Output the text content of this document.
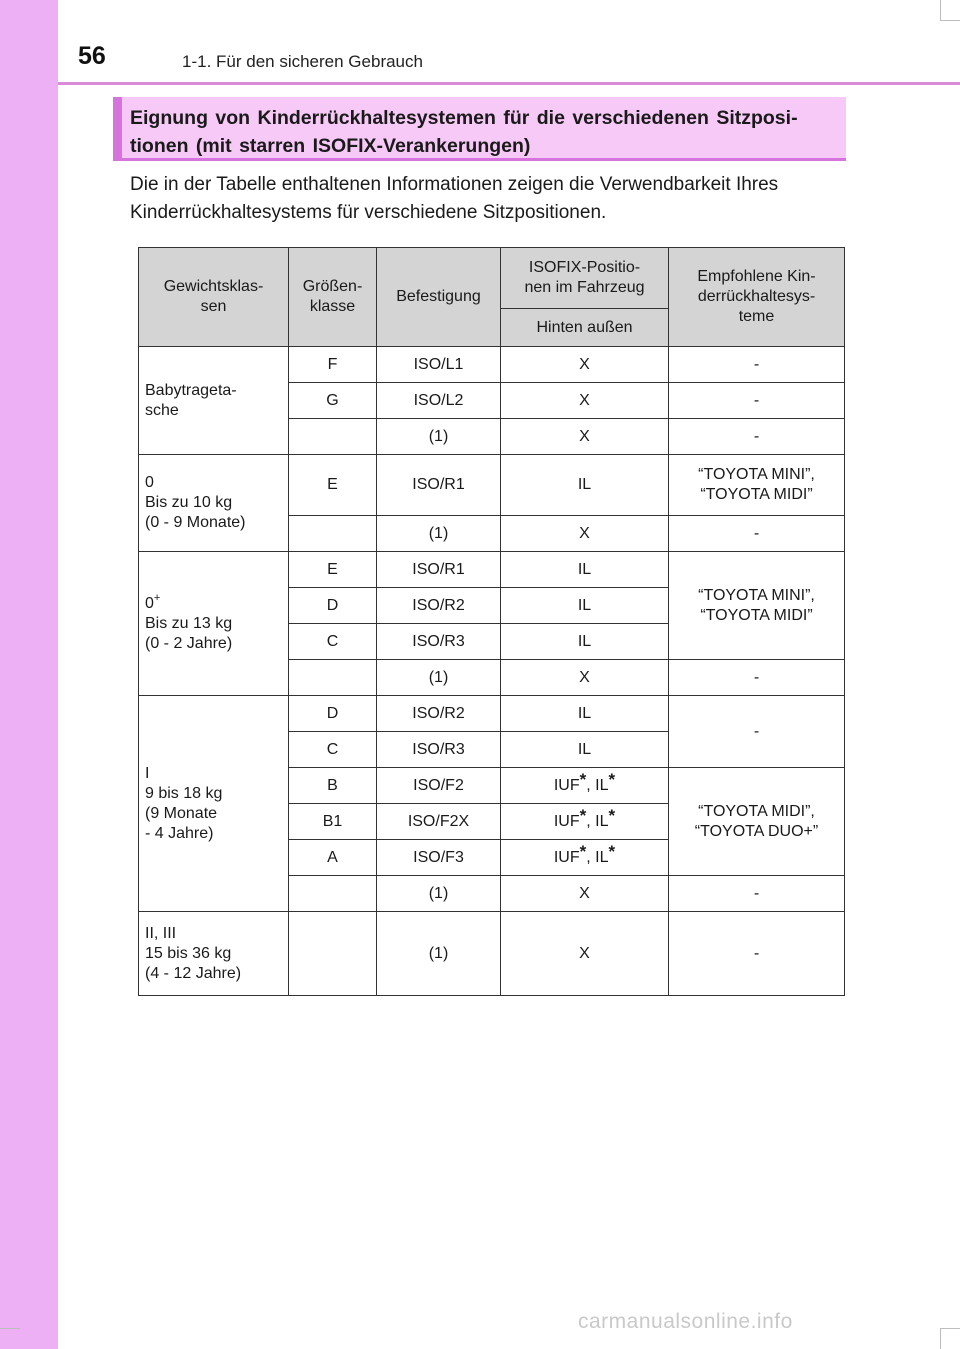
56	1-1. Für den sicheren Gebrauch
Eignung von Kinderrückhaltesystemen für die verschiedenen Sitzposi-
tionen (mit starren ISOFIX-Verankerungen)
Die in der Tabelle enthaltenen Informationen zeigen die Verwendbarkeit Ihres
Kinderrückhaltesystems für verschiedene Sitzpositionen.
Gewichtsklas-
sen	Größen-
klasse	Befestigung	ISOFIX-Positio-
nen im Fahrzeug	Empfohlene Kin-
derrückhaltesys-
teme

			Hinten außen	

Babytrageta-
sche	F	ISO/L1	X	-
	G	ISO/L2	X	-
		(1)	X	-

0
Bis zu 10 kg
(0 - 9 Monate)	E	ISO/R1	IL	“TOYOTA MINI”,
“TOYOTA MIDI”

		(1)	X	-

0+
Bis zu 13 kg
(0 - 2 Jahre)	E	ISO/R1	IL	“TOYOTA MINI”,
“TOYOTA MIDI”

	D	ISO/R2	IL	
	C	ISO/R3	IL	
		(1)	X	-

I
9 bis 18 kg
(9 Monate
- 4 Jahre)	D	ISO/R2	IL	-
	C	ISO/R3	IL	
	B	ISO/F2	IUF*, IL*	“TOYOTA MIDI”,
“TOYOTA DUO+”

	B1	ISO/F2X	IUF*, IL*	
	A	ISO/F3	IUF*, IL*	
		(1)	X	-

II, III
15 bis 36 kg
(4 - 12 Jahre)		(1)	X	-
carmanualsonline.info
